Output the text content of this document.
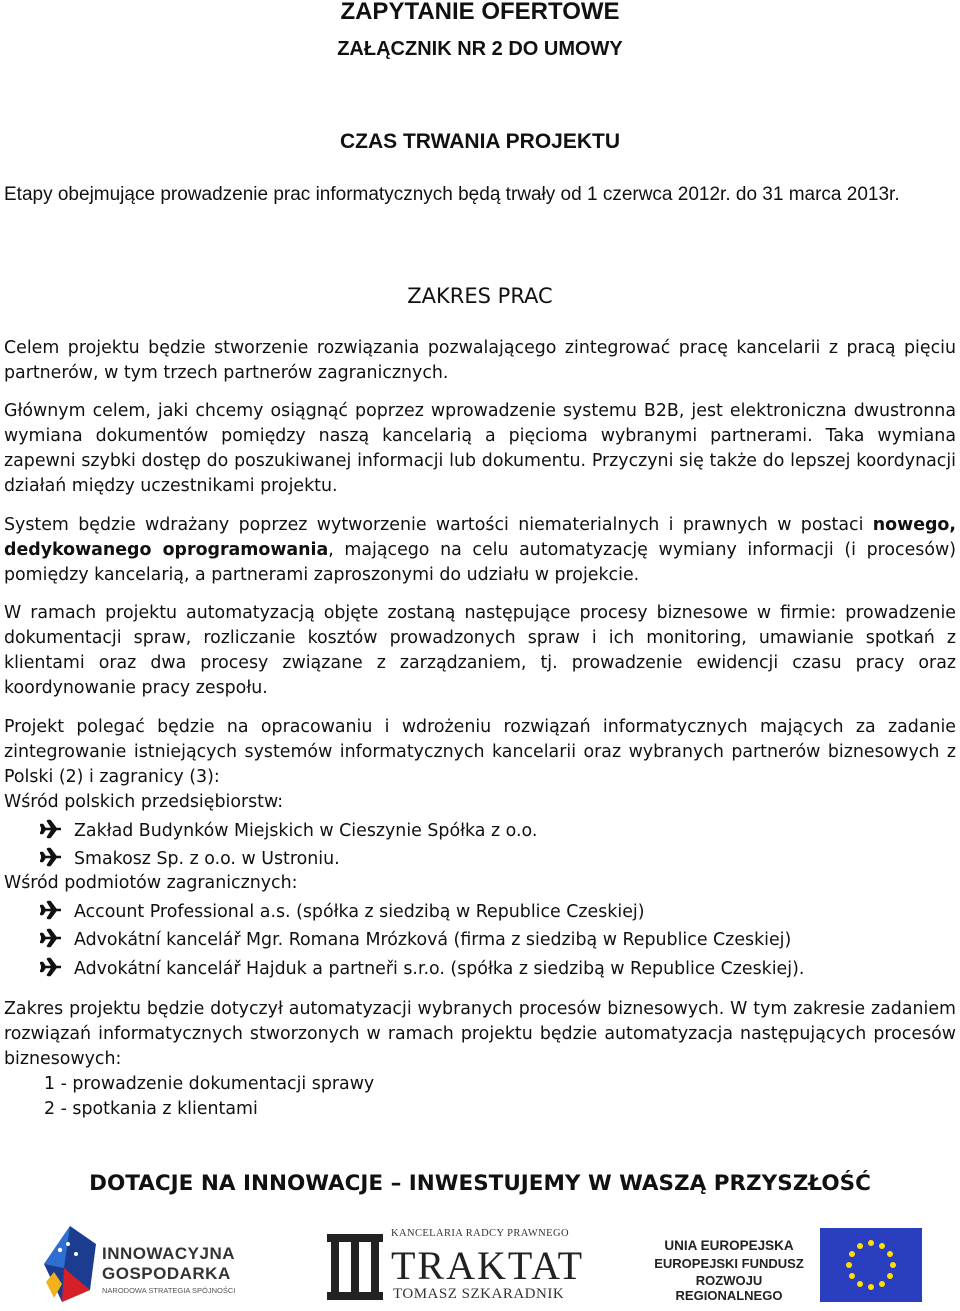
ZAPYTANIE OFERTOWE
ZAŁĄCZNIK NR 2 DO UMOWY
CZAS TRWANIA PROJEKTU

Etapy obejmujące prowadzenie prac informatycznych będą trwały od 1 czerwca 2012r. do 31 marca 2013r.

ZAKRES PRAC

Celem projektu będzie stworzenie rozwiązania pozwalającego zintegrować pracę kancelarii z pracą pięciu partnerów, w tym trzech partnerów zagranicznych.

Głównym celem, jaki chcemy osiągnąć poprzez wprowadzenie systemu B2B, jest elektroniczna dwustronna wymiana dokumentów pomiędzy naszą kancelarią a pięcioma wybranymi partnerami. Taka wymiana zapewni szybki dostęp do poszukiwanej informacji lub dokumentu. Przyczyni się także do lepszej koordynacji działań między uczestnikami projektu.

System będzie wdrażany poprzez wytworzenie wartości niematerialnych i prawnych w postaci nowego, dedykowanego oprogramowania, mającego na celu automatyzację wymiany informacji (i procesów) pomiędzy kancelarią, a partnerami zaproszonymi do udziału w projekcie.

W ramach projektu automatyzacją objęte zostaną następujące procesy biznesowe w firmie: prowadzenie dokumentacji spraw, rozliczanie kosztów prowadzonych spraw i ich monitoring, umawianie spotkań z klientami oraz dwa procesy związane z zarządzaniem, tj. prowadzenie ewidencji czasu pracy oraz koordynowanie pracy zespołu.

Projekt polegać będzie na opracowaniu i wdrożeniu rozwiązań informatycznych mających za zadanie zintegrowanie istniejących systemów informatycznych kancelarii oraz wybranych partnerów biznesowych z Polski (2) i zagranicy (3):

Wśród polskich przedsiębiorstw:
Zakład Budynków Miejskich w Cieszynie Spółka z o.o.
Smakosz Sp. z o.o. w Ustroniu.
Wśród podmiotów zagranicznych:
Account Professional a.s. (spółka z siedzibą w Republice Czeskiej)
Advokátní kancelář Mgr. Romana Mrózková (firma z siedzibą w Republice Czeskiej)
Advokátní kancelář Hajduk a partneři s.r.o. (spółka z siedzibą w Republice Czeskiej).

Zakres projektu będzie dotyczył automatyzacji wybranych procesów biznesowych. W tym zakresie zadaniem rozwiązań informatycznych stworzonych w ramach projektu będzie automatyzacja następujących procesów biznesowych:

1 - prowadzenie dokumentacji sprawy
2 - spotkania z klientami
DOTACJE NA INNOWACJE – INWESTUJEMY W WASZĄ PRZYSZŁOŚĆ
INNOWACYJNA
GOSPODARKA
NARODOWA STRATEGIA SPÓJNOŚCI
KANCELARIA RADCY PRAWNEGO
TRAKTAT
TOMASZ SZKARADNIK
UNIA EUROPEJSKA
EUROPEJSKI FUNDUSZ
ROZWOJU REGIONALNEGO
